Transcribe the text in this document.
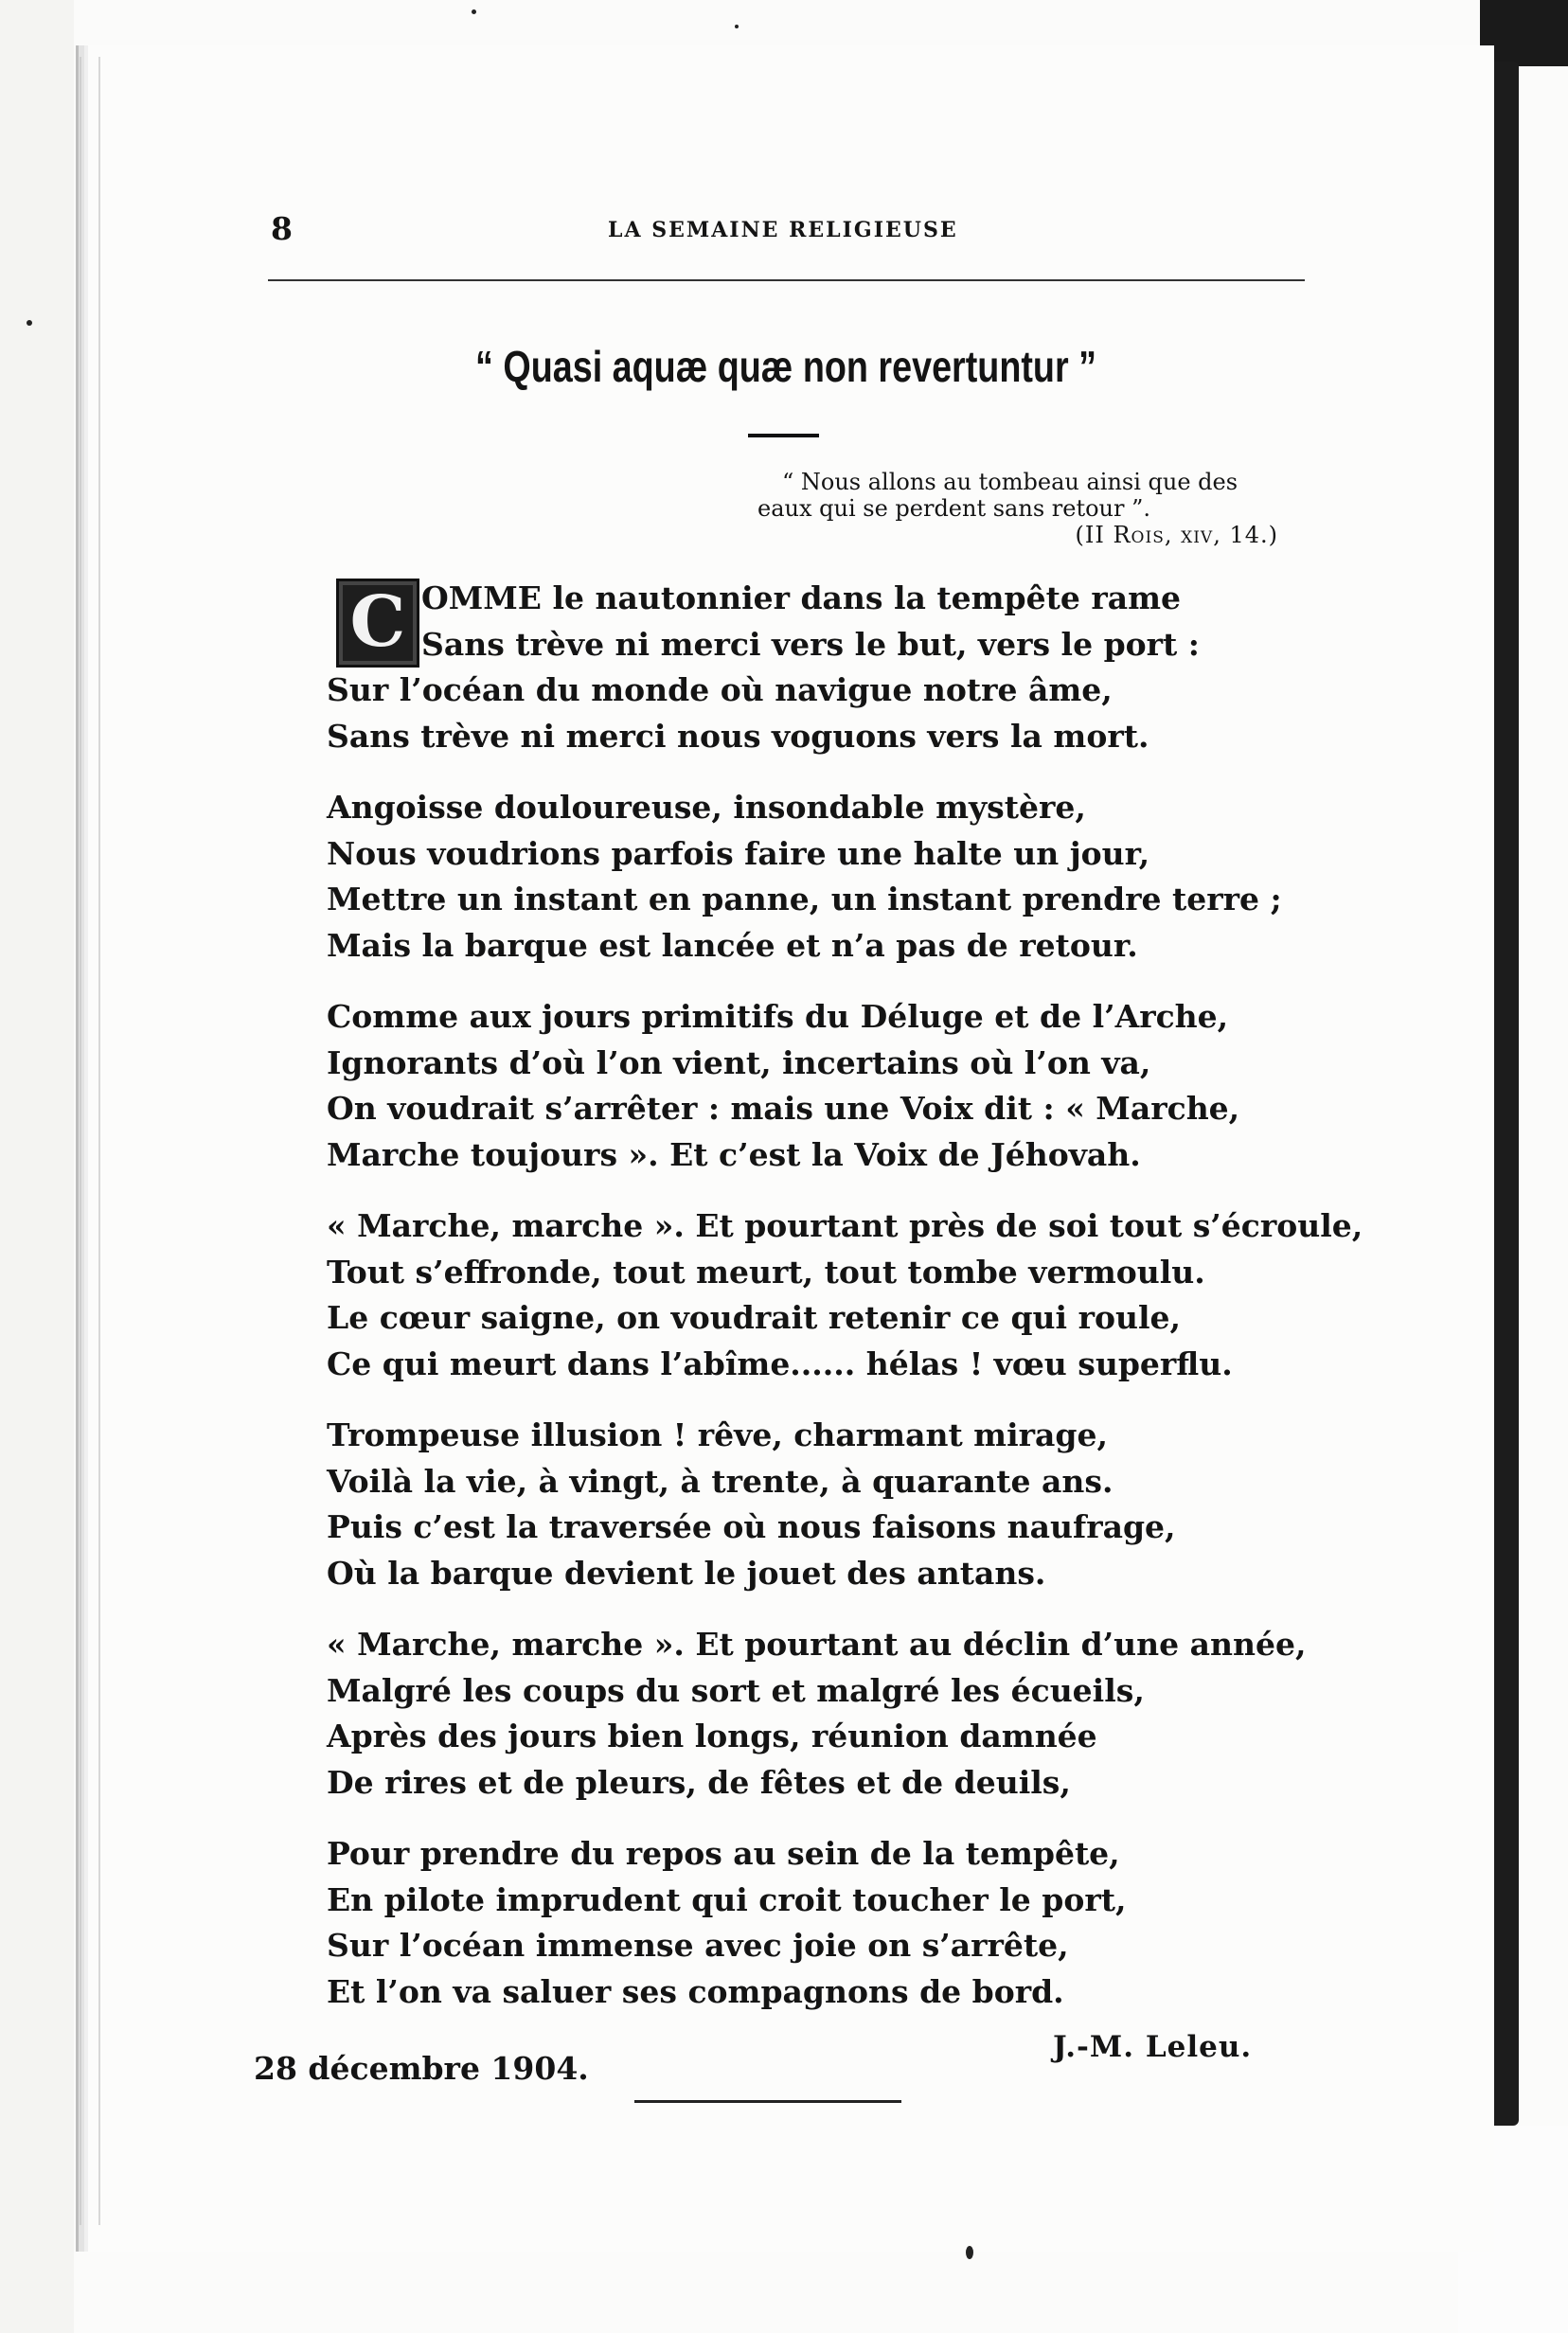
8	LA SEMAINE RELIGIEUSE
“ Quasi aquæ quæ non revertuntur ”
“ Nous allons au tombeau ainsi que des
eaux qui se perdent sans retour ”.
(II Rois, xiv, 14.)
C OMME le nautonnier dans la tempête rame
Sans trève ni merci vers le but, vers le port :
Sur l’océan du monde où navigue notre âme,
Sans trève ni merci nous voguons vers la mort.
Angoisse douloureuse, insondable mystère,
Nous voudrions parfois faire une halte un jour,
Mettre un instant en panne, un instant prendre terre ;
Mais la barque est lancée et n’a pas de retour.
Comme aux jours primitifs du Déluge et de l’Arche,
Ignorants d’où l’on vient, incertains où l’on va,
On voudrait s’arrêter : mais une Voix dit : « Marche,
Marche toujours ». Et c’est la Voix de Jéhovah.
« Marche, marche ». Et pourtant près de soi tout s’écroule,
Tout s’effronde, tout meurt, tout tombe vermoulu.
Le cœur saigne, on voudrait retenir ce qui roule,
Ce qui meurt dans l’abîme...... hélas ! vœu superflu.
Trompeuse illusion ! rêve, charmant mirage,
Voilà la vie, à vingt, à trente, à quarante ans.
Puis c’est la traversée où nous faisons naufrage,
Où la barque devient le jouet des antans.
« Marche, marche ». Et pourtant au déclin d’une année,
Malgré les coups du sort et malgré les écueils,
Après des jours bien longs, réunion damnée
De rires et de pleurs, de fêtes et de deuils,
Pour prendre du repos au sein de la tempête,
En pilote imprudent qui croit toucher le port,
Sur l’océan immense avec joie on s’arrête,
Et l’on va saluer ses compagnons de bord.
J.-M. Leleu.
28 décembre 1904.
